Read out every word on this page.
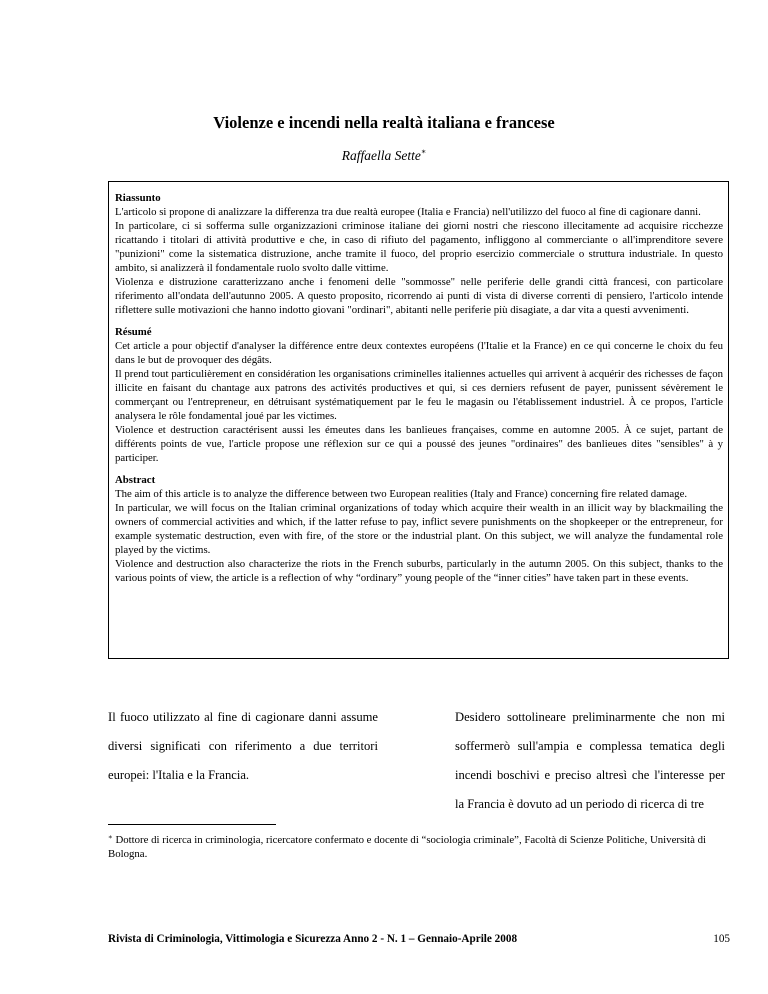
Violenze e incendi nella realtà italiana e francese
Raffaella Sette∗
Riassunto

L'articolo si propone di analizzare la differenza tra due realtà europee (Italia e Francia) nell'utilizzo del fuoco al fine di cagionare danni.

In particolare, ci si sofferma sulle organizzazioni criminose italiane dei giorni nostri che riescono illecitamente ad acquisire ricchezze ricattando i titolari di attività produttive e che, in caso di rifiuto del pagamento, infliggono al commerciante o all'imprenditore severe "punizioni" come la sistematica distruzione, anche tramite il fuoco, del proprio esercizio commerciale o struttura industriale. In questo ambito, si analizzerà il fondamentale ruolo svolto dalle vittime.

Violenza e distruzione caratterizzano anche i fenomeni delle "sommosse" nelle periferie delle grandi città francesi, con particolare riferimento all'ondata dell'autunno 2005. A questo proposito, ricorrendo ai punti di vista di diverse correnti di pensiero, l'articolo intende riflettere sulle motivazioni che hanno indotto giovani "ordinari", abitanti nelle periferie più disagiate, a dar vita a questi avvenimenti.

Résumé

Cet article a pour objectif d'analyser la différence entre deux contextes européens (l'Italie et la France) en ce qui concerne le choix du feu dans le but de provoquer des dégâts.

Il prend tout particulièrement en considération les organisations criminelles italiennes actuelles qui arrivent à acquérir des richesses de façon illicite en faisant du chantage aux patrons des activités productives et qui, si ces derniers refusent de payer, punissent sévèrement le commerçant ou l'entrepreneur, en détruisant systématiquement par le feu le magasin ou l'établissement industriel. À ce propos, l'article analysera le rôle fondamental joué par les victimes.

Violence et destruction caractérisent aussi les émeutes dans les banlieues françaises, comme en automne 2005. À ce sujet, partant de différents points de vue, l'article propose une réflexion sur ce qui a poussé des jeunes "ordinaires" des banlieues dites "sensibles" à y participer.

Abstract

The aim of this article is to analyze the difference between two European realities (Italy and France) concerning fire related damage.

In particular, we will focus on the Italian criminal organizations of today which acquire their wealth in an illicit way by blackmailing the owners of commercial activities and which, if the latter refuse to pay, inflict severe punishments on the shopkeeper or the entrepreneur, for example systematic destruction, even with fire, of the store or the industrial plant. On this subject, we will analyze the fundamental role played by the victims.

Violence and destruction also characterize the riots in the French suburbs, particularly in the autumn 2005. On this subject, thanks to the various points of view, the article is a reflection of why “ordinary” young people of the “inner cities” have taken part in these events.

Il fuoco utilizzato al fine di cagionare danni assume diversi significati con riferimento a due territori europei: l'Italia e la Francia.

Desidero sottolineare preliminarmente che non mi soffermerò sull'ampia e complessa tematica degli incendi boschivi e preciso altresì che l'interesse per la Francia è dovuto ad un periodo di ricerca di tre

∗ Dottore di ricerca in criminologia, ricercatore confermato e docente di “sociologia criminale”, Facoltà di Scienze Politiche, Università di Bologna.
Rivista di Criminologia, Vittimologia e Sicurezza Anno 2 - N. 1 – Gennaio-Aprile 2008	105
